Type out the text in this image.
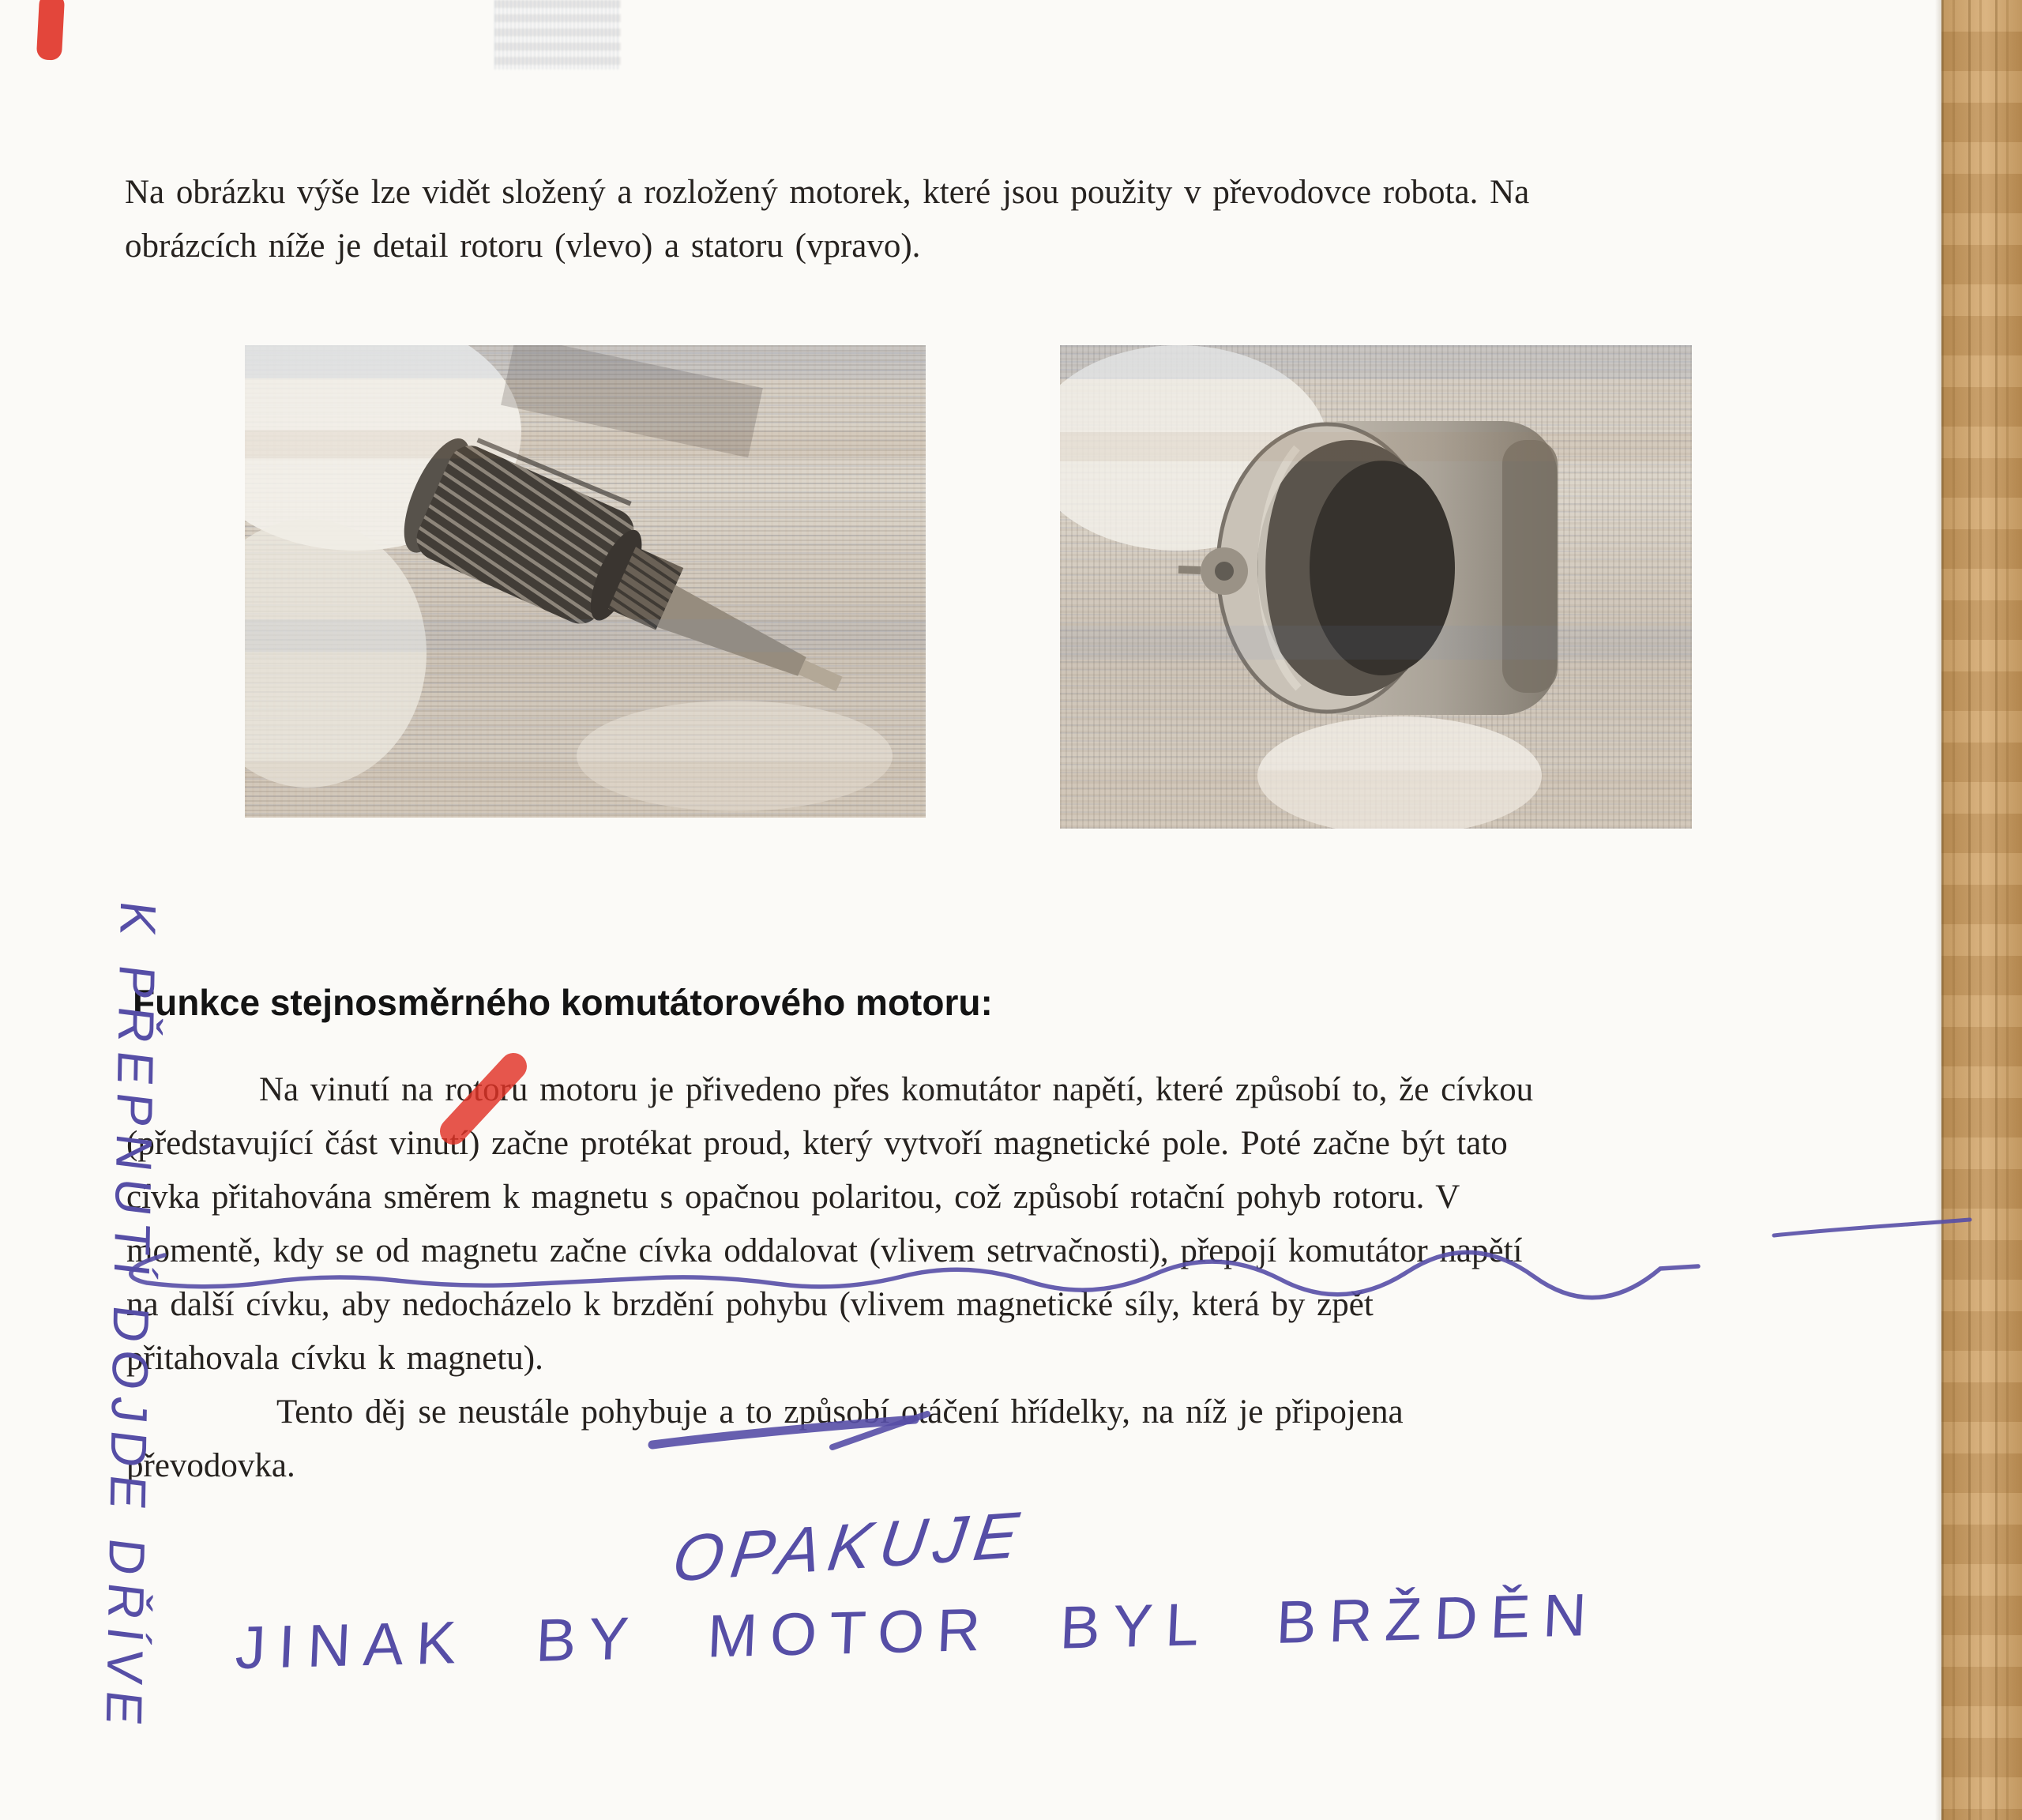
Na obrázku výše lze vidět složený a rozložený motorek, které jsou použity v převodovce robota. Na
obrázcích níže je detail rotoru (vlevo) a statoru (vpravo).
Funkce stejnosměrného komutátorového motoru:
Na vinutí na rotoru motoru je přivedeno přes komutátor napětí, které způsobí to, že cívkou
(představující část vinutí) začne protékat proud, který vytvoří magnetické pole. Poté začne být tato
cívka přitahována směrem k magnetu s opačnou polaritou, což způsobí rotační pohyb rotoru. V
momentě, kdy se od magnetu začne cívka oddalovat (vlivem setrvačnosti), přepojí komutátor napětí
na další cívku, aby nedocházelo k brzdění pohybu (vlivem magnetické síly, která by zpět
přitahovala cívku k magnetu).
Tento děj se neustále pohybuje a to způsobí otáčení hřídelky, na níž je připojena
převodovka.
OPAKUJE
JINAK BY MOTOR BYL BRŽDĚN
K PŘEPNUTÍ DOJDE DŘÍVE
